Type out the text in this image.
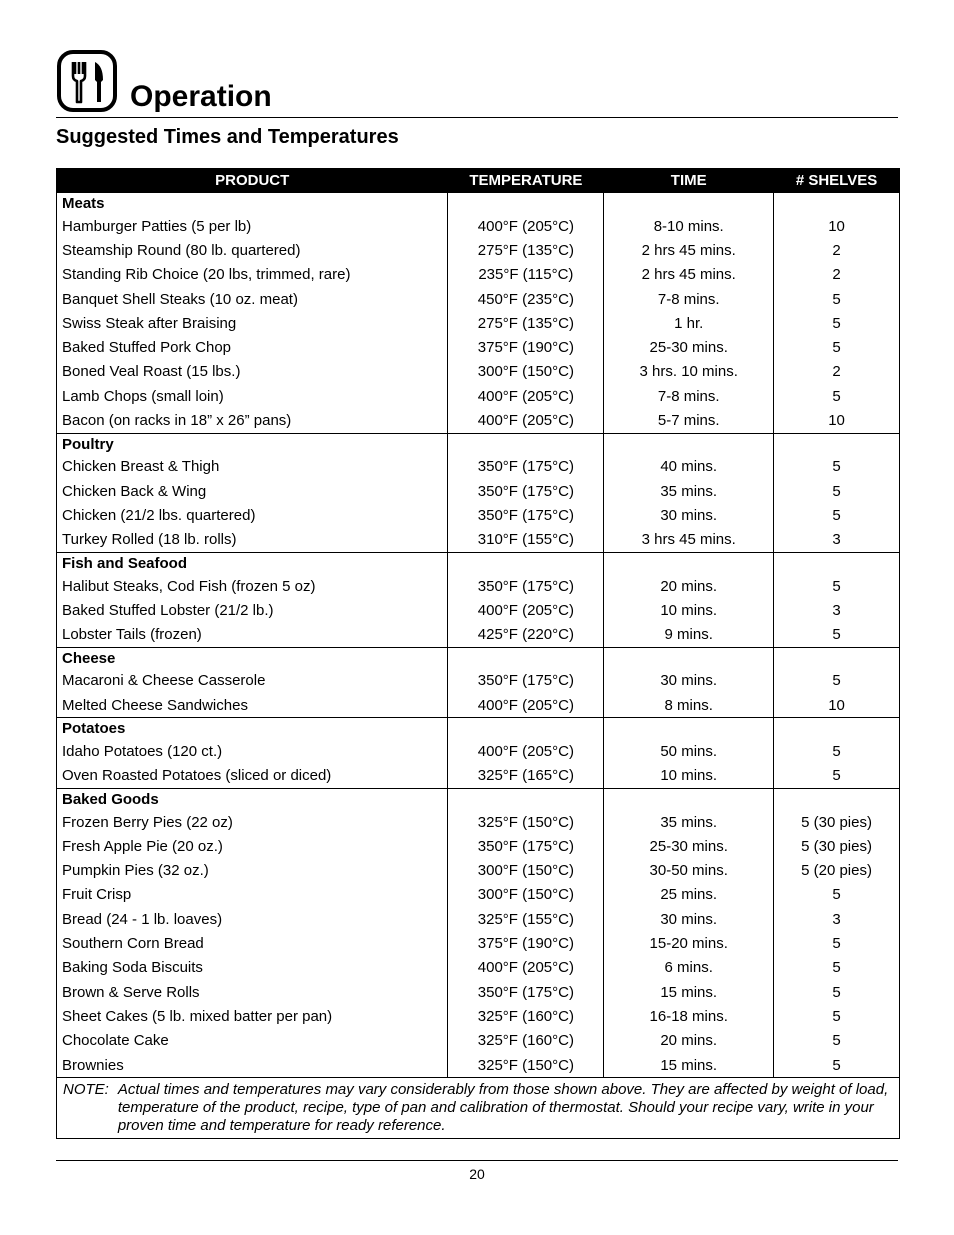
Operation
Suggested Times and Temperatures
PRODUCT	TEMPERATURE	TIME	# SHELVES
Meats			
Hamburger Patties (5 per lb)	400°F (205°C)	8-10 mins.	10
Steamship Round (80 lb. quartered)	275°F (135°C)	2 hrs 45 mins.	2
Standing Rib Choice (20 lbs, trimmed, rare)	235°F (115°C)	2 hrs 45 mins.	2
Banquet Shell Steaks (10 oz. meat)	450°F (235°C)	7-8 mins.	5
Swiss Steak after Braising	275°F (135°C)	1 hr.	5
Baked Stuffed Pork Chop	375°F (190°C)	25-30 mins.	5
Boned Veal Roast (15 lbs.)	300°F (150°C)	3 hrs. 10 mins.	2
Lamb Chops (small loin)	400°F (205°C)	7-8 mins.	5
Bacon (on racks in 18” x 26” pans)	400°F (205°C)	5-7 mins.	10
Poultry			
Chicken Breast & Thigh	350°F (175°C)	40 mins.	5
Chicken Back & Wing	350°F (175°C)	35 mins.	5
Chicken (21/2 lbs. quartered)	350°F (175°C)	30 mins.	5
Turkey Rolled (18 lb. rolls)	310°F (155°C)	3 hrs 45 mins.	3
Fish and Seafood			
Halibut Steaks, Cod Fish (frozen 5 oz)	350°F (175°C)	20 mins.	5
Baked Stuffed Lobster (21/2 lb.)	400°F (205°C)	10 mins.	3
Lobster Tails (frozen)	425°F (220°C)	9 mins.	5
Cheese			
Macaroni & Cheese Casserole	350°F (175°C)	30 mins.	5
Melted Cheese Sandwiches	400°F (205°C)	8 mins.	10
Potatoes			
Idaho Potatoes (120 ct.)	400°F (205°C)	50 mins.	5
Oven Roasted Potatoes (sliced or diced)	325°F (165°C)	10 mins.	5
Baked Goods			
Frozen Berry Pies (22 oz)	325°F (150°C)	35 mins.	5 (30 pies)
Fresh Apple Pie (20 oz.)	350°F (175°C)	25-30 mins.	5 (30 pies)
Pumpkin Pies (32 oz.)	300°F (150°C)	30-50 mins.	5 (20 pies)
Fruit Crisp	300°F (150°C)	25 mins.	5
Bread (24 - 1 lb. loaves)	325°F (155°C)	30 mins.	3
Southern Corn Bread	375°F (190°C)	15-20 mins.	5
Baking Soda Biscuits	400°F (205°C)	6 mins.	5
Brown & Serve Rolls	350°F (175°C)	15 mins.	5
Sheet Cakes (5 lb. mixed batter per pan)	325°F (160°C)	16-18 mins.	5
Chocolate Cake	325°F (160°C)	20 mins.	5
Brownies	325°F (150°C)	15 mins.	5

NOTE: Actual times and temperatures may vary considerably from those shown above. They are affected by weight of load, temperature of the product, recipe, type of pan and calibration of thermostat. Should your recipe vary, write in your proven time and temperature for ready reference.			
20
